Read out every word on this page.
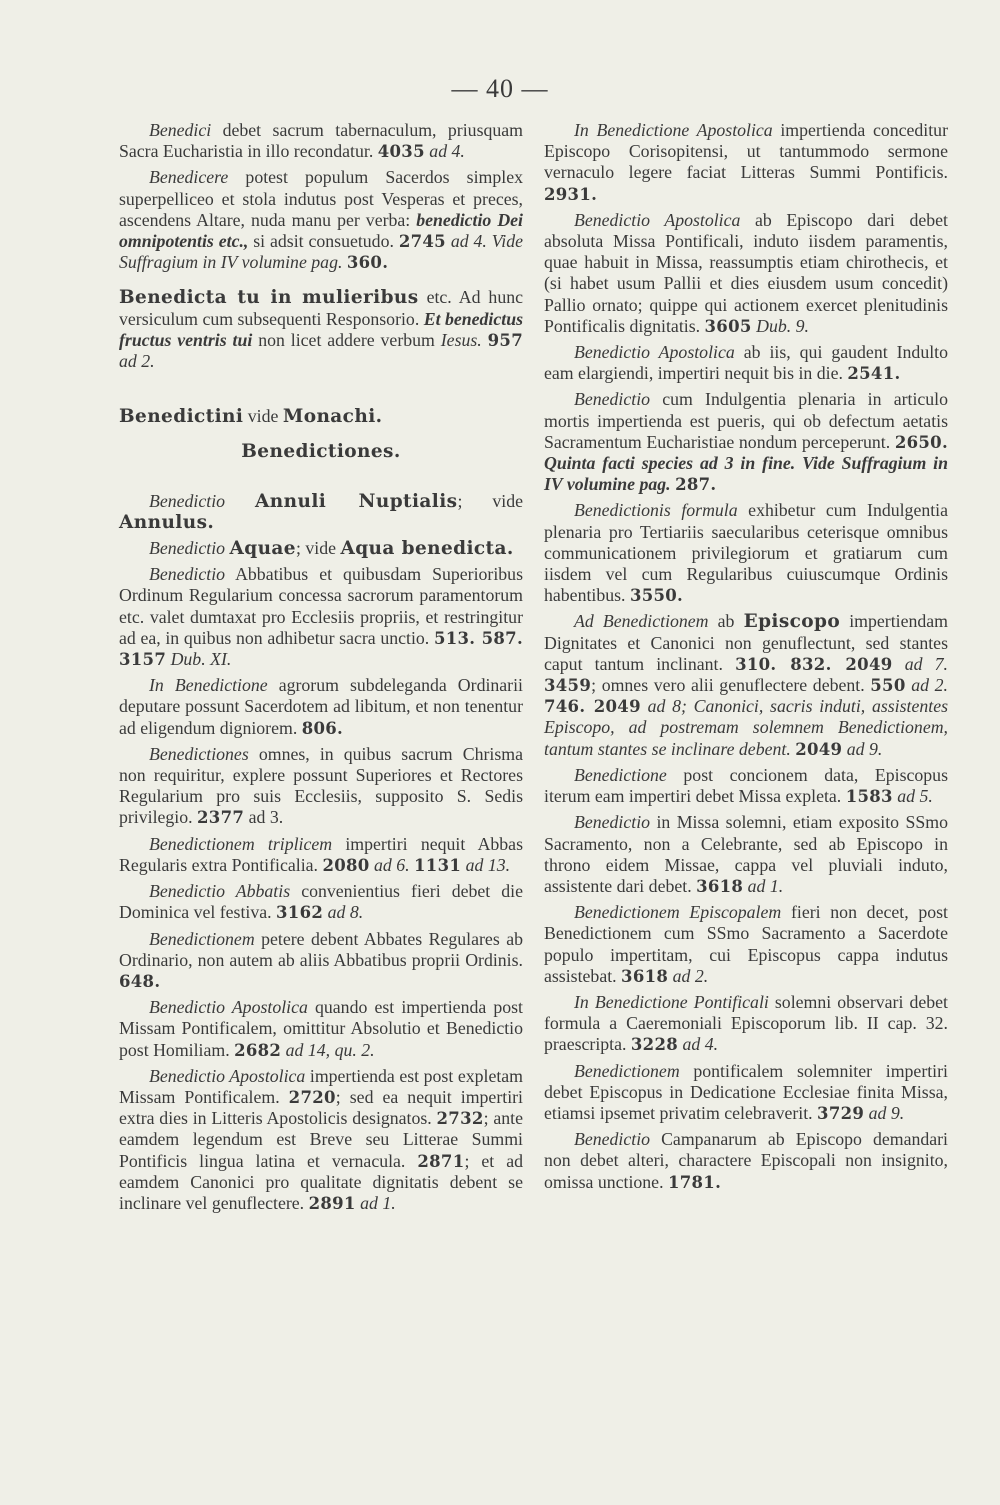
— 40 —

Benedici debet sacrum tabernaculum, priusquam Sacra Eucharistia in illo recondatur. 4035 ad 4.

Benedicere potest populum Sacerdos simplex superpelliceo et stola indutus post Vesperas et preces, ascendens Altare, nuda manu per verba: benedictio Dei omnipotentis etc., si adsit consuetudo. 2745 ad 4. Vide Suffragium in IV volumine pag. 360.

Benedicta tu in mulieribus etc. Ad hunc versiculum cum subsequenti Responsorio. Et benedictus fructus ventris tui non licet addere verbum Iesus. 957 ad 2.

Benedictini vide Monachi.

Benedictiones.

Benedictio Annuli Nuptialis; vide Annulus.

Benedictio Aquae; vide Aqua benedicta.

Benedictio Abbatibus et quibusdam Superioribus Ordinum Regularium concessa sacrorum paramentorum etc. valet dumtaxat pro Ecclesiis propriis, et restringitur ad ea, in quibus non adhibetur sacra unctio. 513. 587. 3157 Dub. XI.

In Benedictione agrorum subdeleganda Ordinarii deputare possunt Sacerdotem ad libitum, et non tenentur ad eligendum digniorem. 806.

Benedictiones omnes, in quibus sacrum Chrisma non requiritur, explere possunt Superiores et Rectores Regularium pro suis Ecclesiis, supposito S. Sedis privilegio. 2377 ad 3.

Benedictionem triplicem impertiri nequit Abbas Regularis extra Pontificalia. 2080 ad 6. 1131 ad 13.

Benedictio Abbatis convenientius fieri debet die Dominica vel festiva. 3162 ad 8.

Benedictionem petere debent Abbates Regulares ab Ordinario, non autem ab aliis Abbatibus proprii Ordinis. 648.

Benedictio Apostolica quando est impertienda post Missam Pontificalem, omittitur Absolutio et Benedictio post Homiliam. 2682 ad 14, qu. 2.

Benedictio Apostolica impertienda est post expletam Missam Pontificalem. 2720; sed ea nequit impertiri extra dies in Litteris Apostolicis designatos. 2732; ante eamdem legendum est Breve seu Litterae Summi Pontificis lingua latina et vernacula. 2871; et ad eamdem Canonici pro qualitate dignitatis debent se inclinare vel genuflectere. 2891 ad 1.

In Benedictione Apostolica impertienda conceditur Episcopo Corisopitensi, ut tantummodo sermone vernaculo legere faciat Litteras Summi Pontificis. 2931.

Benedictio Apostolica ab Episcopo dari debet absoluta Missa Pontificali, induto iisdem paramentis, quae habuit in Missa, reassumptis etiam chirothecis, et (si habet usum Pallii et dies eiusdem usum concedit) Pallio ornato; quippe qui actionem exercet plenitudinis Pontificalis dignitatis. 3605 Dub. 9.

Benedictio Apostolica ab iis, qui gaudent Indulto eam elargiendi, impertiri nequit bis in die. 2541.

Benedictio cum Indulgentia plenaria in articulo mortis impertienda est pueris, qui ob defectum aetatis Sacramentum Eucharistiae nondum perceperunt. 2650. Quinta facti species ad 3 in fine. Vide Suffragium in IV volumine pag. 287.

Benedictionis formula exhibetur cum Indulgentia plenaria pro Tertiariis saecularibus ceterisque omnibus communicationem privilegiorum et gratiarum cum iisdem vel cum Regularibus cuiuscumque Ordinis habentibus. 3550.

Ad Benedictionem ab Episcopo impertiendam Dignitates et Canonici non genuflectunt, sed stantes caput tantum inclinant. 310. 832. 2049 ad 7. 3459; omnes vero alii genuflectere debent. 550 ad 2. 746. 2049 ad 8; Canonici, sacris induti, assistentes Episcopo, ad postremam solemnem Benedictionem, tantum stantes se inclinare debent. 2049 ad 9.

Benedictione post concionem data, Episcopus iterum eam impertiri debet Missa expleta. 1583 ad 5.

Benedictio in Missa solemni, etiam exposito SSmo Sacramento, non a Celebrante, sed ab Episcopo in throno eidem Missae, cappa vel pluviali induto, assistente dari debet. 3618 ad 1.

Benedictionem Episcopalem fieri non decet, post Benedictionem cum SSmo Sacramento a Sacerdote populo impertitam, cui Episcopus cappa indutus assistebat. 3618 ad 2.

In Benedictione Pontificali solemni observari debet formula a Caeremoniali Episcoporum lib. II cap. 32. praescripta. 3228 ad 4.

Benedictionem pontificalem solemniter impertiri debet Episcopus in Dedicatione Ecclesiae finita Missa, etiamsi ipsemet privatim celebraverit. 3729 ad 9.

Benedictio Campanarum ab Episcopo demandari non debet alteri, charactere Episcopali non insignito, omissa unctione. 1781.
